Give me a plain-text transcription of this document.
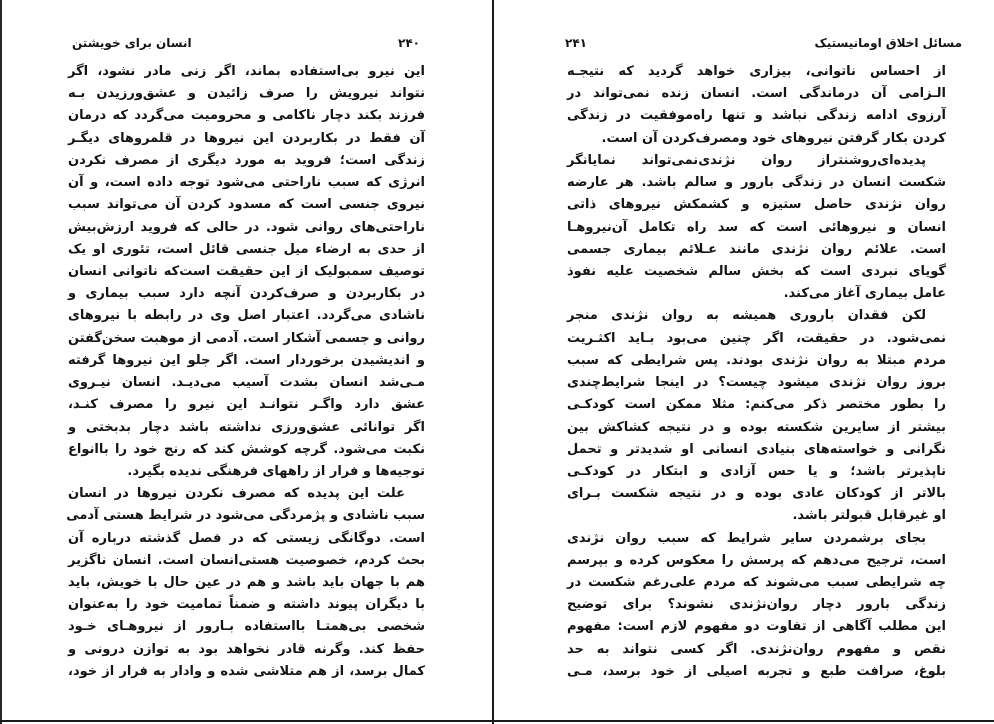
انسان برای خویشتن	۲۴۰
این نیرو بی‌استفاده بماند، اگر زنی مادر نشود، اگر
نتواند نیرویش را صرف زائیدن و عشق‌ورزیدن بـه
فرزند بکند دچار ناکامی و محرومیت می‌گردد که درمان
آن فقط در بکاربردن این نیروها در قلمروهای دیگـر
زندگی است؛ فروید به مورد دیگری از مصرف نکردن
انرژی که سبب ناراحتی می‌شود توجه داده است، و آن
نیروی جنسی است که مسدود کردن آن می‌تواند سبب
ناراحتی‌های روانی شود. در حالی که فروید ارزش‌بیش
از حدی به ارضاء میل جنسی قائل است، تئوری او یک
توصیف سمبولیک از این حقیقت است‌که ناتوانی انسان
در بکاربردن و صرف‌کردن آنچه دارد سبب بیماری و
ناشادی می‌گردد. اعتبار اصل وی در رابطه با نیروهای
روانی و جسمی آشکار است. آدمی از موهبت سخن‌گفتن
و اندیشیدن برخوردار است. اگر جلو این نیروها گرفته
مـی‌شد انسان بشدت آسیب می‌دیـد. انسان نیـروی
عشق دارد واگـر نتوانـد این نیرو را مصرف کنـد،
اگر توانائی عشق‌ورزی نداشته باشد دچار بدبختی و
نکبت می‌شود. گرچه کوشش کند که رنج خود را باانواع
توجیه‌ها و فرار از راههای فرهنگی ندیده بگیرد.
علت این پدیده که مصرف نکردن نیروها در انسان
سبب ناشادی و پژمردگی می‌شود در شرایط هستی آدمی
است. دوگانگی زیستی که در فصل گذشته درباره آن
بحث کردم، خصوصیت هستی‌انسان است. انسان ناگزیر
هم با جهان باید باشد و هم در عین حال با خویش، باید
با دیگران پیوند داشته و ضمناً تمامیت خود را به‌عنوان
شخصی بی‌همتـا بااستفاده بـارور از نیروهـای خـود
حفظ کند. وگرنه قادر نخواهد بود به توازن درونی و
کمال برسد، از هم متلاشی شده و وادار به فرار از خود،
۲۴۱	مسائل اخلاق اومانیستیک
از احساس ناتوانی، بیزاری خواهد گردید که نتیجـه
الـزامی آن درماندگی است. انسان زنده نمی‌تواند در
آرزوی ادامه زندگی نباشد و تنها راه‌موفقیت در زندگی
کردن بکار گرفتن نیروهای خود ومصرف‌کردن آن است.
پدیده‌ای‌روشنتراز روان نژندی‌نمی‌تواند نمایانگر
شکست انسان در زندگی بارور و سالم باشد. هر عارضه
روان نژندی حاصل ستیزه و کشمکش نیروهای ذاتی
انسان و نیروهائی است که سد راه تکامل آن‌نیروهـا
است. علائم روان نژندی مانند عـلائم بیماری جسمی
گویای نبردی است که بخش سالم شخصیت علیه نفوذ
عامل بیماری آغاز می‌کند.
لکن فقدان باروری همیشه به روان نژندی منجر
نمی‌شود. در حقیقت، اگر چنین می‌بود بـاید اکثـریت
مردم مبتلا به روان نژندی بودند. پس شرایطی که سبب
بروز روان نژندی میشود چیست؟ در اینجا شرایط‌چندی
را بطور مختصر ذکر می‌کنم: مثلا ممکن است کودکـی
بیشتر از سایرین شکسته بوده و در نتیجه کشاکش بین
نگرانی و خواسته‌های بنیادی انسانی او شدیدتر و تحمل
ناپذیرتر باشد؛ و یا حس آزادی و ابتکار در کودکـی
بالاتر از کودکان عادی بوده و در نتیجه شکست بـرای
او غیرقابل قبولتر باشد.
بجای برشمردن سایر شرایط که سبب روان نژندی
است، ترجیح می‌دهم که پرسش را معکوس کرده و بپرسم
چه شرایطی سبب می‌شوند که مردم علی‌رغم شکست در
زندگی بارور دچار روان‌نژندی نشوند؟ برای توضیح
این مطلب آگاهی از تفاوت دو مفهوم لازم است: مفهوم
نقص و مفهوم روان‌نژندی. اگر کسی نتواند به حد
بلوغ، صرافت طبع و تجربه اصیلی از خود برسد، مـی‌
